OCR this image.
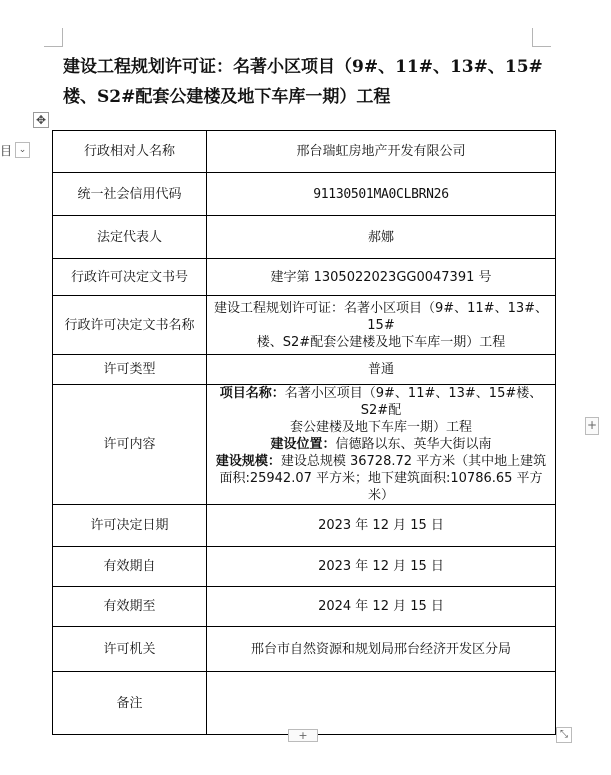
建设工程规划许可证：名著小区项目（9#、11#、13#、15#
楼、S2#配套公建楼及地下车库一期）工程
✥
目 ⌄	行政相对人名称	邢台瑞虹房地产开发有限公司
统一社会信用代码	91130501MA0CLBRN26
法定代表人	郝娜
行政许可决定文书号	建字第 1305022023GG0047391 号
行政许可决定文书名称	建设工程规划许可证：名著小区项目（9#、11#、13#、15#
楼、S2#配套公建楼及地下车库一期）工程

许可类型	普通
许可内容	项目名称：名著小区项目（9#、11#、13#、15#楼、S2#配
套公建楼及地下车库一期）工程
建设位置：信德路以东、英华大街以南
建设规模：建设总规模 36728.72 平方米（其中地上建筑
面积:25942.07 平方米；地下建筑面积:10786.65 平方米）

许可决定日期	2023 年 12 月 15 日
有效期自	2023 年 12 月 15 日
有效期至	2024 年 12 月 15 日
许可机关	邢台市自然资源和规划局邢台经济开发区分局
备注	
+
+	⤡
